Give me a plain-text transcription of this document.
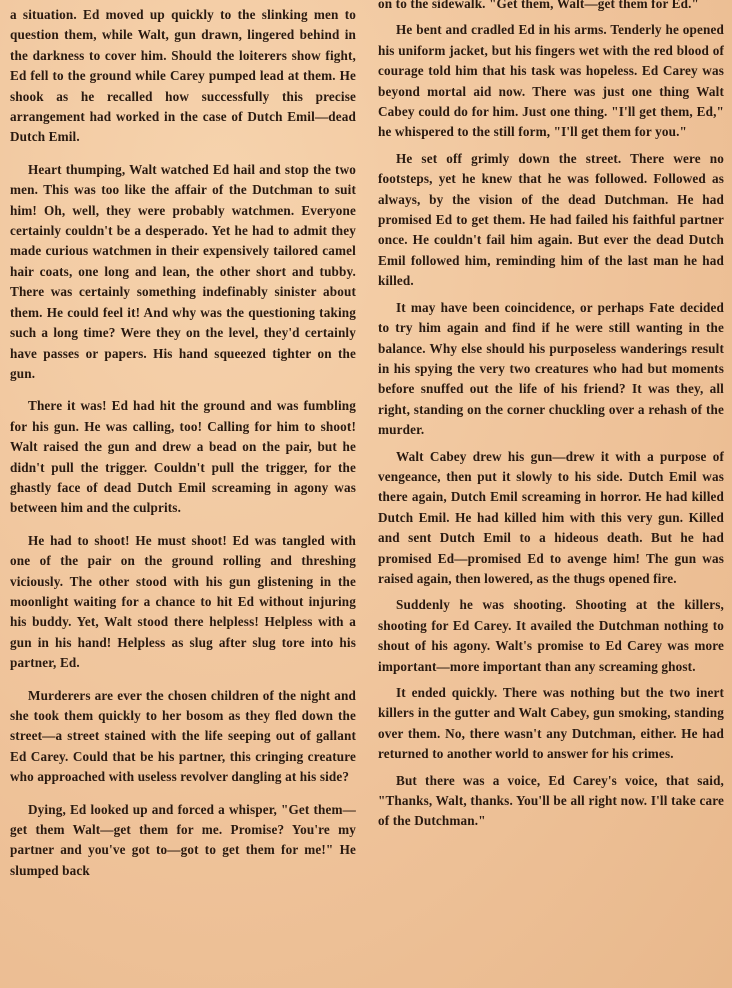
a situation. Ed moved up quickly to the slinking men to question them, while Walt, gun drawn, lingered behind in the darkness to cover him. Should the loiterers show fight, Ed fell to the ground while Carey pumped lead at them. He shook as he recalled how successfully this precise arrangement had worked in the case of Dutch Emil—dead Dutch Emil.

Heart thumping, Walt watched Ed hail and stop the two men. This was too like the affair of the Dutchman to suit him! Oh, well, they were probably watchmen. Everyone certainly couldn't be a desperado. Yet he had to admit they made curious watchmen in their expensively tailored camel hair coats, one long and lean, the other short and tubby. There was certainly something indefinably sinister about them. He could feel it! And why was the questioning taking such a long time? Were they on the level, they'd certainly have passes or papers. His hand squeezed tighter on the gun.

There it was! Ed had hit the ground and was fumbling for his gun. He was calling, too! Calling for him to shoot! Walt raised the gun and drew a bead on the pair, but he didn't pull the trigger. Couldn't pull the trigger, for the ghastly face of dead Dutch Emil screaming in agony was between him and the culprits.

He had to shoot! He must shoot! Ed was tangled with one of the pair on the ground rolling and threshing viciously. The other stood with his gun glistening in the moonlight waiting for a chance to hit Ed without injuring his buddy. Yet, Walt stood there helpless! Helpless with a gun in his hand! Helpless as slug after slug tore into his partner, Ed.

Murderers are ever the chosen children of the night and she took them quickly to her bosom as they fled down the street—a street stained with the life seeping out of gallant Ed Carey. Could that be his partner, this cringing creature who approached with useless revolver dangling at his side?

Dying, Ed looked up and forced a whisper, "Get them—get them Walt—get them for me. Promise? You're my partner and you've got to—got to get them for me!" He slumped back

on to the sidewalk. "Get them, Walt—get them for Ed."

He bent and cradled Ed in his arms. Tenderly he opened his uniform jacket, but his fingers wet with the red blood of courage told him that his task was hopeless. Ed Carey was beyond mortal aid now. There was just one thing Walt Cabey could do for him. Just one thing. "I'll get them, Ed," he whispered to the still form, "I'll get them for you."

He set off grimly down the street. There were no footsteps, yet he knew that he was followed. Followed as always, by the vision of the dead Dutchman. He had promised Ed to get them. He had failed his faithful partner once. He couldn't fail him again. But ever the dead Dutch Emil followed him, reminding him of the last man he had killed.

It may have been coincidence, or perhaps Fate decided to try him again and find if he were still wanting in the balance. Why else should his purposeless wanderings result in his spying the very two creatures who had but moments before snuffed out the life of his friend? It was they, all right, standing on the corner chuckling over a rehash of the murder.

Walt Cabey drew his gun—drew it with a purpose of vengeance, then put it slowly to his side. Dutch Emil was there again, Dutch Emil screaming in horror. He had killed Dutch Emil. He had killed him with this very gun. Killed and sent Dutch Emil to a hideous death. But he had promised Ed—promised Ed to avenge him! The gun was raised again, then lowered, as the thugs opened fire.

Suddenly he was shooting. Shooting at the killers, shooting for Ed Carey. It availed the Dutchman nothing to shout of his agony. Walt's promise to Ed Carey was more important—more important than any screaming ghost.

It ended quickly. There was nothing but the two inert killers in the gutter and Walt Cabey, gun smoking, standing over them. No, there wasn't any Dutchman, either. He had returned to another world to answer for his crimes.

But there was a voice, Ed Carey's voice, that said, "Thanks, Walt, thanks. You'll be all right now. I'll take care of the Dutchman."
